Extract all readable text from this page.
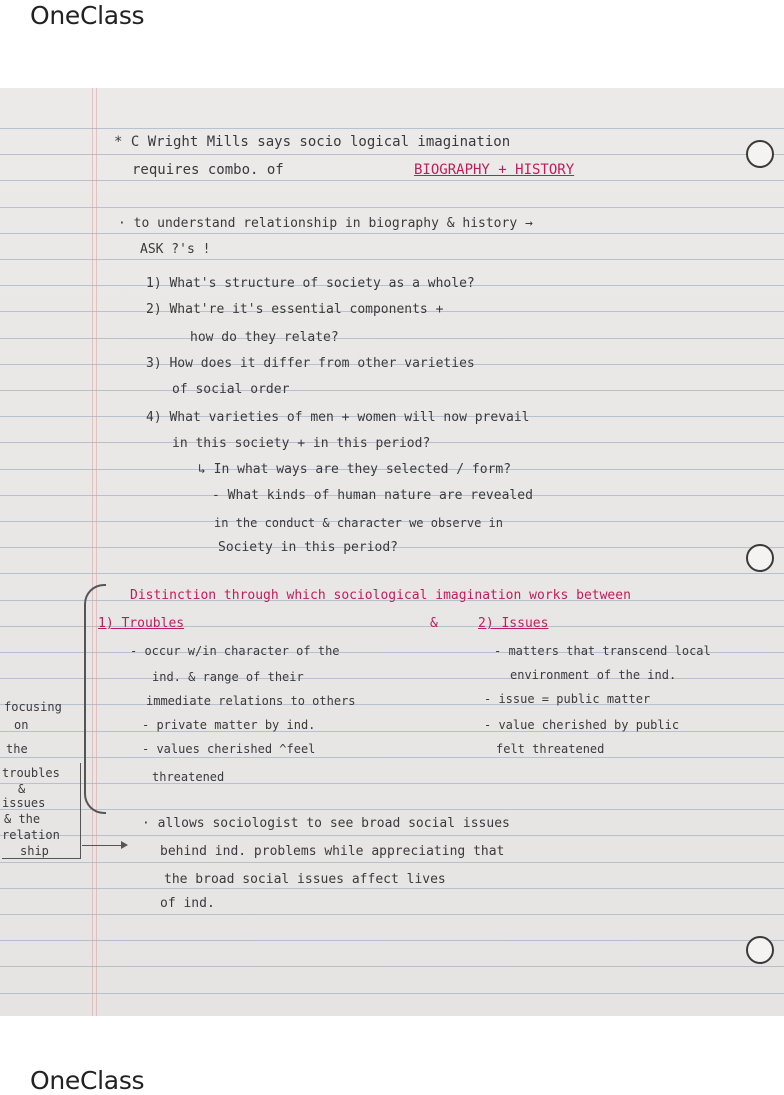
OneClass
* C Wright Mills says socio logical imagination
requires combo. of	BIOGRAPHY + HISTORY
· to understand relationship in biography & history →
ASK ?'s !
1) What's structure of society as a whole?
2) What're it's essential components +
how do they relate?
3) How does it differ from other varieties
of social order
4) What varieties of men + women will now prevail
in this society + in this period?
↳ In what ways are they selected / form?
- What kinds of human nature are revealed
in the conduct & character we observe in
Society in this period?
Distinction through which sociological imagination works between
1) Troubles	&	2) Issues
- occur w/in character of the
ind. & range of their
immediate relations to others
- private matter by ind.
- values cherished ^feel
threatened
- matters that transcend local
environment of the ind.
- issue = public matter
- value cherished by public
felt threatened
focusing
on
the
troubles
&
issues
& the
relation
ship
· allows sociologist to see broad social issues
behind ind. problems while appreciating that
the broad social issues affect lives
of ind.
OneClass
